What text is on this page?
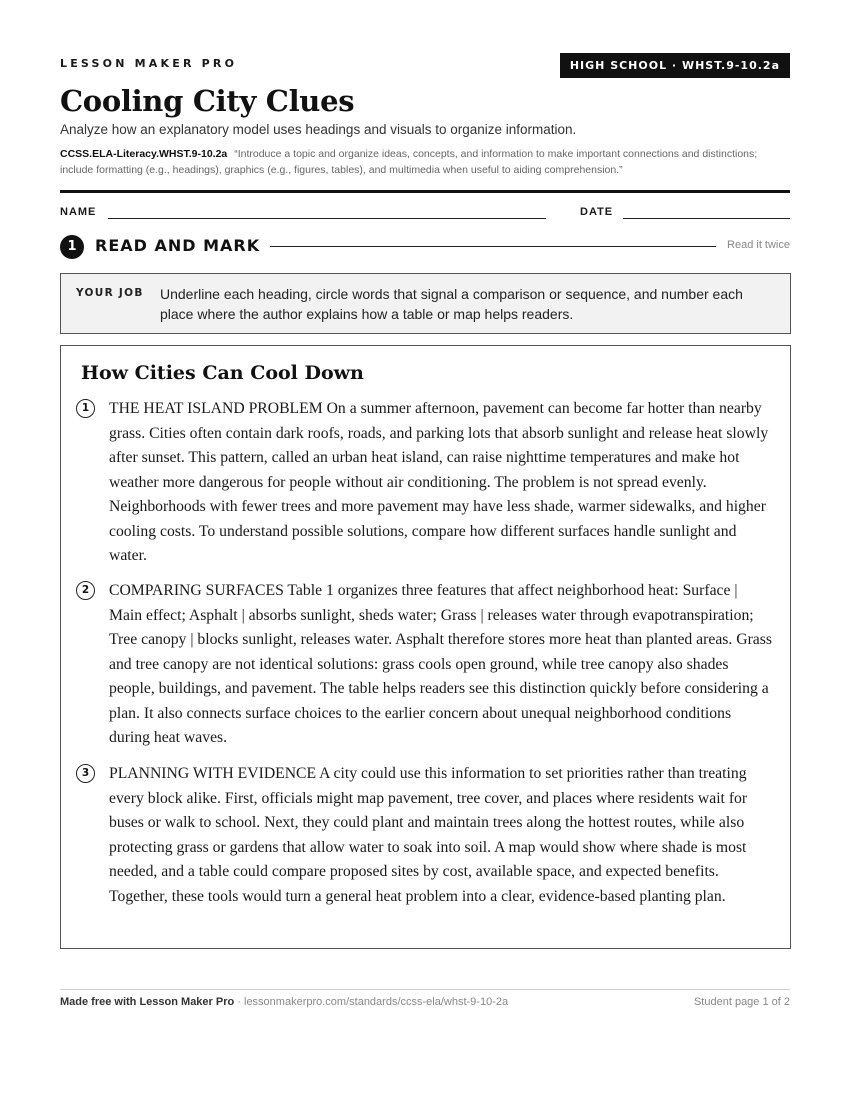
LESSON MAKER PRO	HIGH SCHOOL · WHST.9-10.2a
Cooling City Clues
Analyze how an explanatory model uses headings and visuals to organize information.
CCSS.ELA-Literacy.WHST.9-10.2a “Introduce a topic and organize ideas, concepts, and information to make important connections and distinctions; include formatting (e.g., headings), graphics (e.g., figures, tables), and multimedia when useful to aiding comprehension.”
NAME	DATE
1	READ AND MARK	Read it twice
YOUR JOB Underline each heading, circle words that signal a comparison or sequence, and number each place where the author explains how a table or map helps readers.
How Cities Can Cool Down
1	THE HEAT ISLAND PROBLEM On a summer afternoon, pavement can become far hotter than nearby grass. Cities often contain dark roofs, roads, and parking lots that absorb sunlight and release heat slowly after sunset. This pattern, called an urban heat island, can raise nighttime temperatures and make hot weather more dangerous for people without air conditioning. The problem is not spread evenly. Neighborhoods with fewer trees and more pavement may have less shade, warmer sidewalks, and higher cooling costs. To understand possible solutions, compare how different surfaces handle sunlight and water.

2	COMPARING SURFACES Table 1 organizes three features that affect neighborhood heat: Surface | Main effect; Asphalt | absorbs sunlight, sheds water; Grass | releases water through evapotranspiration; Tree canopy | blocks sunlight, releases water. Asphalt therefore stores more heat than planted areas. Grass and tree canopy are not identical solutions: grass cools open ground, while tree canopy also shades people, buildings, and pavement. The table helps readers see this distinction quickly before considering a plan. It also connects surface choices to the earlier concern about unequal neighborhood conditions during heat waves.

3	PLANNING WITH EVIDENCE A city could use this information to set priorities rather than treating every block alike. First, officials might map pavement, tree cover, and places where residents wait for buses or walk to school. Next, they could plant and maintain trees along the hottest routes, while also protecting grass or gardens that allow water to soak into soil. A map would show where shade is most needed, and a table could compare proposed sites by cost, available space, and expected benefits. Together, these tools would turn a general heat problem into a clear, evidence-based planting plan.

Made free with Lesson Maker Pro · lessonmakerpro.com/standards/ccss-ela/whst-9-10-2a	Student page 1 of 2
